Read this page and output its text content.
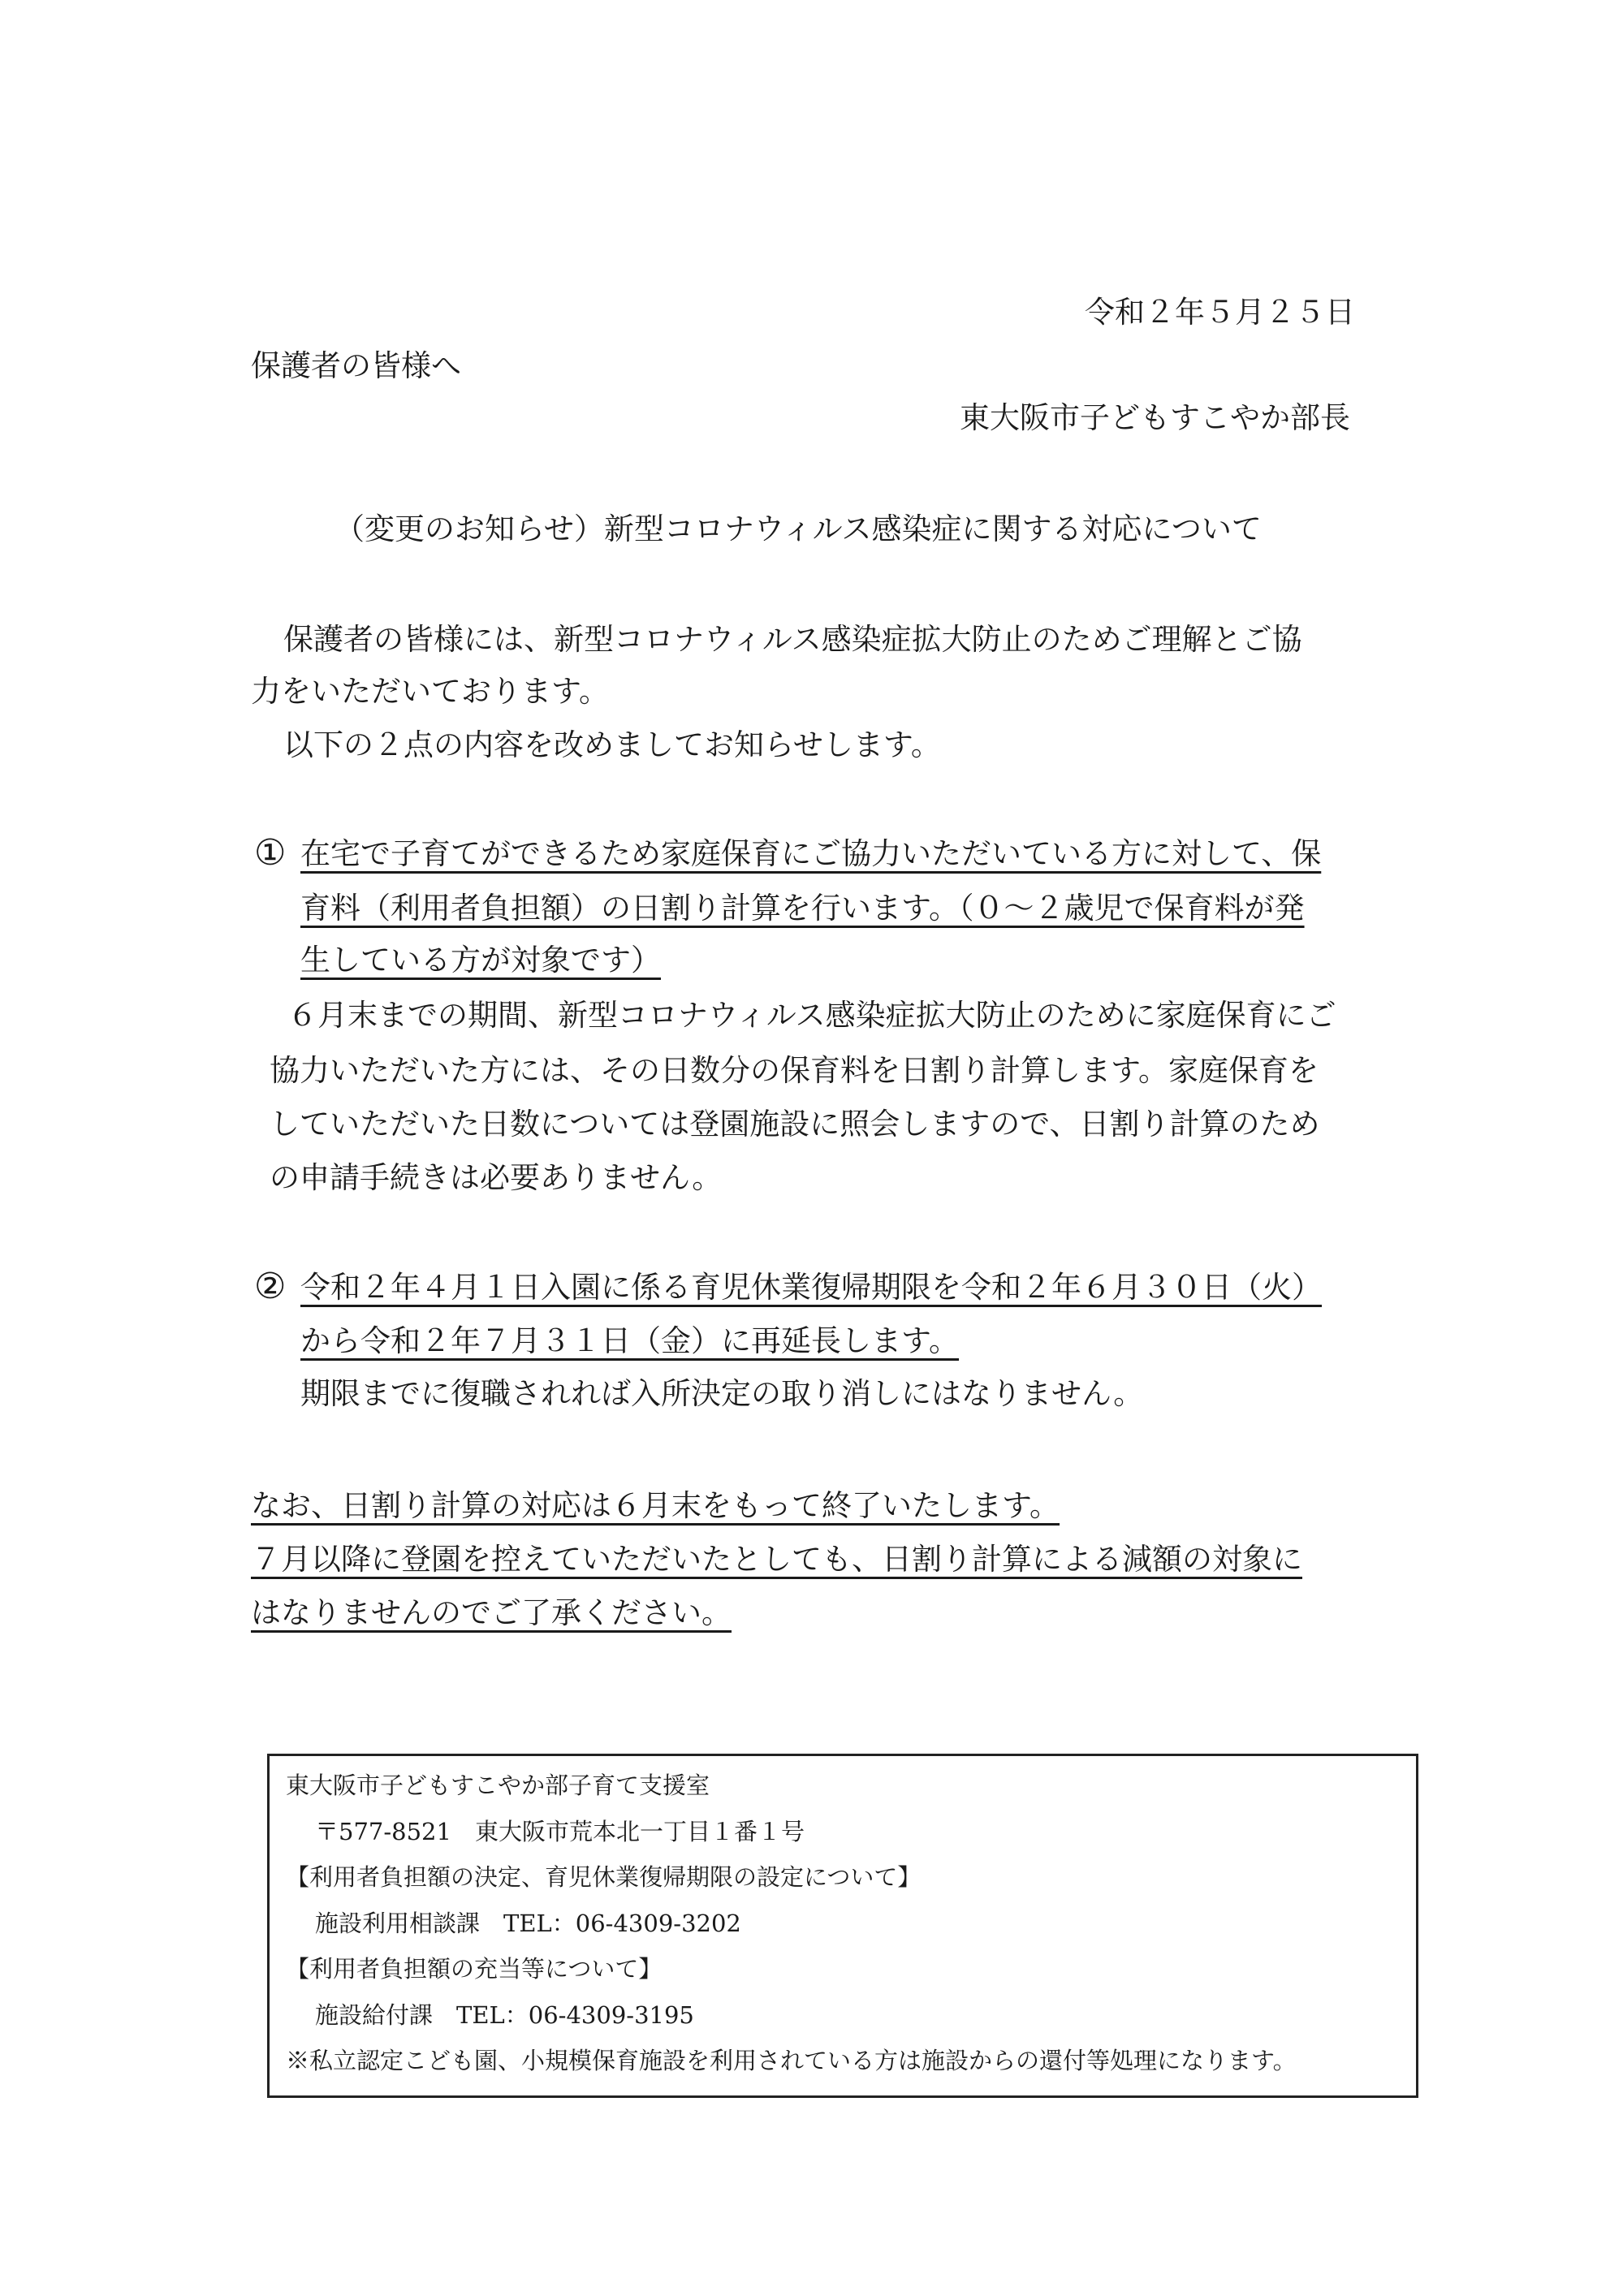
令和２年５月２５日
保護者の皆様へ
東大阪市子どもすこやか部長
（変更のお知らせ）新型コロナウィルス感染症に関する対応について
保護者の皆様には、新型コロナウィルス感染症拡大防止のためご理解とご協
力をいただいております。
以下の２点の内容を改めましてお知らせします。
① 在宅で子育てができるため家庭保育にご協力いただいている方に対して、保
育料（利用者負担額）の日割り計算を行います。（０～２歳児で保育料が発
生している方が対象です）
６月末までの期間、新型コロナウィルス感染症拡大防止のために家庭保育にご
協力いただいた方には、その日数分の保育料を日割り計算します。家庭保育を
していただいた日数については登園施設に照会しますので、日割り計算のため
の申請手続きは必要ありません。
② 令和２年４月１日入園に係る育児休業復帰期限を令和２年６月３０日（火）
から令和２年７月３１日（金）に再延長します。
期限までに復職されれば入所決定の取り消しにはなりません。
なお、日割り計算の対応は６月末をもって終了いたします。
７月以降に登園を控えていただいたとしても、日割り計算による減額の対象に
はなりませんのでご了承ください。
東大阪市子どもすこやか部子育て支援室
〒577-8521　東大阪市荒本北一丁目１番１号
【利用者負担額の決定、育児休業復帰期限の設定について】
施設利用相談課　TEL：06-4309-3202
【利用者負担額の充当等について】
施設給付課　TEL：06-4309-3195
※私立認定こども園、小規模保育施設を利用されている方は施設からの還付等処理になります。
